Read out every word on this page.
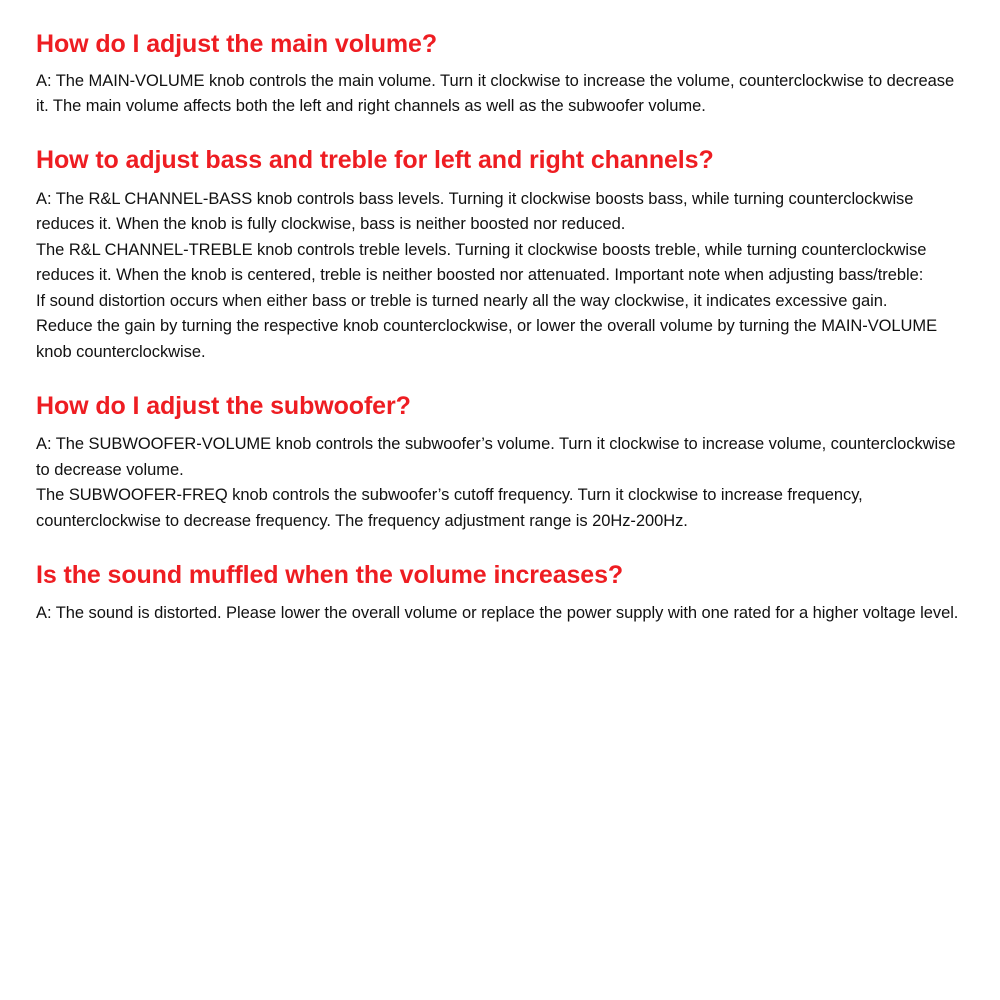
How do I adjust the main volume?

A: The MAIN-VOLUME knob controls the main volume. Turn it clockwise to increase the volume, counterclockwise to decrease it. The main volume affects both the left and right channels as well as the subwoofer volume.

How to adjust bass and treble for left and right channels?

A: The R&L CHANNEL-BASS knob controls bass levels. Turning it clockwise boosts bass, while turning counterclockwise reduces it. When the knob is fully clockwise, bass is neither boosted nor reduced.

The R&L CHANNEL-TREBLE knob controls treble levels. Turning it clockwise boosts treble, while turning counterclockwise reduces it. When the knob is centered, treble is neither boosted nor attenuated. Important note when adjusting bass/treble:

If sound distortion occurs when either bass or treble is turned nearly all the way clockwise, it indicates excessive gain.

Reduce the gain by turning the respective knob counterclockwise, or lower the overall volume by turning the MAIN-VOLUME knob counterclockwise.

How do I adjust the subwoofer?

A: The SUBWOOFER-VOLUME knob controls the subwoofer’s volume. Turn it clockwise to increase volume, counterclockwise to decrease volume.

The SUBWOOFER-FREQ knob controls the subwoofer’s cutoff frequency. Turn it clockwise to increase frequency, counterclockwise to decrease frequency. The frequency adjustment range is 20Hz-200Hz.

Is the sound muffled when the volume increases?

A: The sound is distorted. Please lower the overall volume or replace the power supply with one rated for a higher voltage level.
